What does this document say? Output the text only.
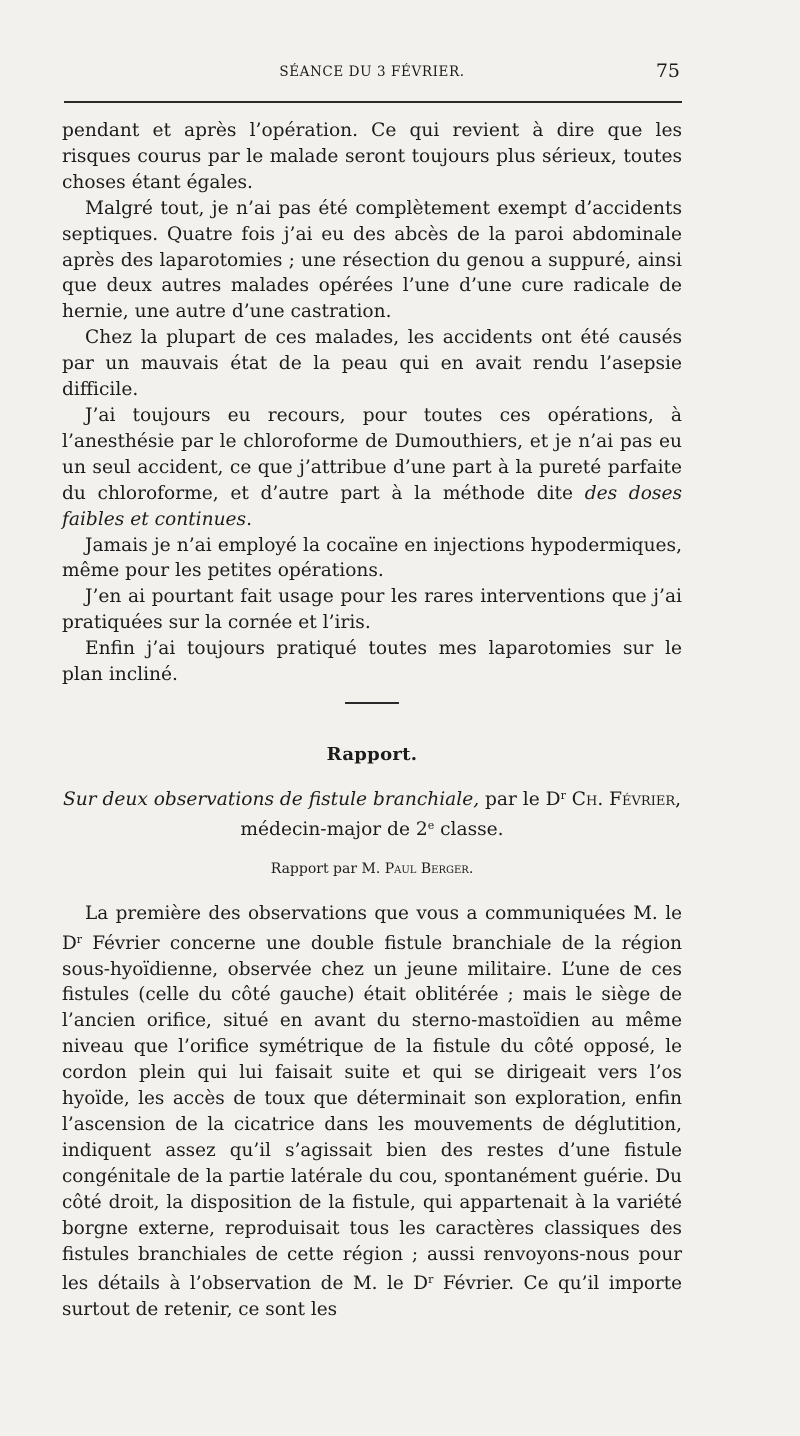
SÉANCE DU 3 FÉVRIER.	75

pendant et après l’opération. Ce qui revient à dire que les risques courus par le malade seront toujours plus sérieux, toutes choses étant égales.

Malgré tout, je n’ai pas été complètement exempt d’accidents septiques. Quatre fois j’ai eu des abcès de la paroi abdominale après des laparotomies ; une résection du genou a suppuré, ainsi que deux autres malades opérées l’une d’une cure radicale de hernie, une autre d’une castration.

Chez la plupart de ces malades, les accidents ont été causés par un mauvais état de la peau qui en avait rendu l’asepsie difficile.

J’ai toujours eu recours, pour toutes ces opérations, à l’anesthésie par le chloroforme de Dumouthiers, et je n’ai pas eu un seul accident, ce que j’attribue d’une part à la pureté parfaite du chloroforme, et d’autre part à la méthode dite des doses faibles et continues.

Jamais je n’ai employé la cocaïne en injections hypodermiques, même pour les petites opérations.

J’en ai pourtant fait usage pour les rares interventions que j’ai pratiquées sur la cornée et l’iris.

Enfin j’ai toujours pratiqué toutes mes laparotomies sur le plan incliné.

Rapport.
Sur deux observations de fistule branchiale, par le $D^r$ Ch. Février,
médecin-major de 2e classe.
Rapport par M. Paul Berger.

La première des observations que vous a communiquées M. le $D^r$ Février concerne une double fistule branchiale de la région sous-hyoïdienne, observée chez un jeune militaire. L’une de ces fistules (celle du côté gauche) était oblitérée ; mais le siège de l’ancien orifice, situé en avant du sterno-mastoïdien au même niveau que l’orifice symétrique de la fistule du côté opposé, le cordon plein qui lui faisait suite et qui se dirigeait vers l’os hyoïde, les accès de toux que déterminait son exploration, enfin l’ascension de la cicatrice dans les mouvements de déglutition, indiquent assez qu’il s’agissait bien des restes d’une fistule congénitale de la partie latérale du cou, spontanément guérie. Du côté droit, la disposition de la fistule, qui appartenait à la variété borgne externe, reproduisait tous les caractères classiques des fistules branchiales de cette région ; aussi renvoyons-nous pour les détails à l’observation de M. le $D^r$ Février. Ce qu’il importe surtout de retenir, ce sont les
